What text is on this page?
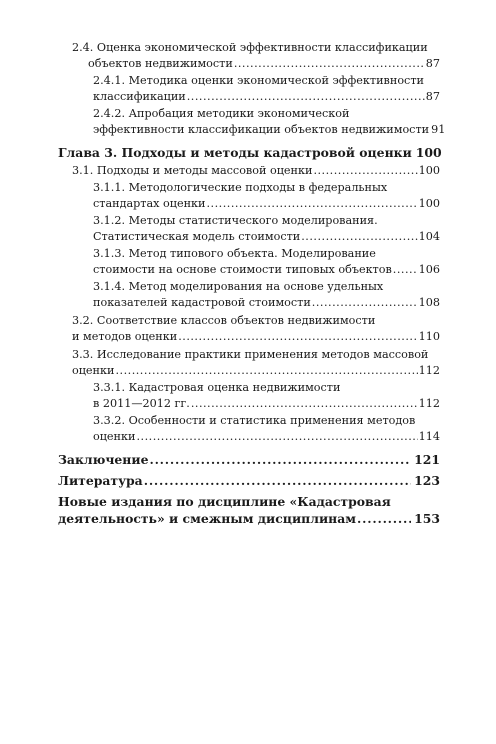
2.4. Оценка экономической эффективности классификации
объектов недвижимости .....	87
2.4.1. Методика оценки экономической эффективности
классификации .....	87
2.4.2. Апробация методики экономической
эффективности классификации объектов недвижимости 91
Глава 3. Подходы и методы кадастровой оценки 100
3.1. Подходы и методы массовой оценки .....	100
3.1.1. Методологические подходы в федеральных
стандартах оценки .....	100
3.1.2. Методы статистического моделирования.
Статистическая модель стоимости .....	104
3.1.3. Метод типового объекта. Моделирование
стоимости на основе стоимости типовых объектов ..... 106
3.1.4. Метод моделирования на основе удельных
показателей кадастровой стоимости .....	108
3.2. Соответствие классов объектов недвижимости
и методов оценки .....	110
3.3. Исследование практики применения методов массовой
оценки .....	112
3.3.1. Кадастровая оценка недвижимости
в 2011—2012 гг. .....	112
3.3.2. Особенности и статистика применения методов
оценки .....	114
Заключение .....	121
Литература .....	123
Новые издания по дисциплине «Кадастровая
деятельность» и смежным дисциплинам .....	153
